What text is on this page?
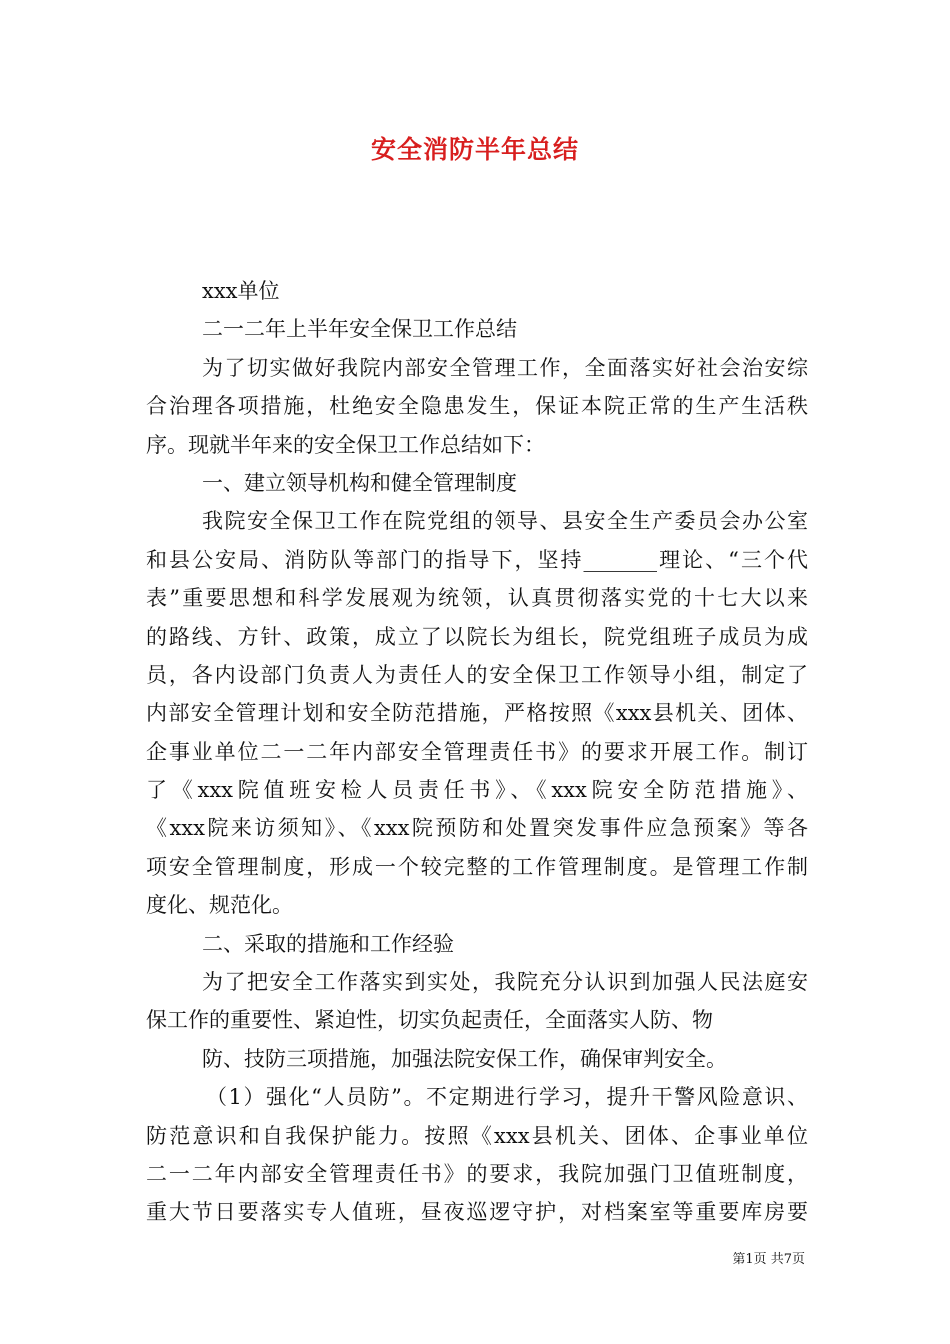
安全消防半年总结
xxx单位
二一二年上半年安全保卫工作总结
为了切实做好我院内部安全管理工作，全面落实好社会治安综
合治理各项措施，杜绝安全隐患发生，保证本院正常的生产生活秩
序。现就半年来的安全保卫工作总结如下：
一、建立领导机构和健全管理制度
我院安全保卫工作在院党组的领导、县安全生产委员会办公室
和县公安局、消防队等部门的指导下，坚持_______理论、“三个代
表”重要思想和科学发展观为统领，认真贯彻落实党的十七大以来
的路线、方针、政策，成立了以院长为组长，院党组班子成员为成
员，各内设部门负责人为责任人的安全保卫工作领导小组，制定了
内部安全管理计划和安全防范措施，严格按照《xxx县机关、团体、
企事业单位二一二年内部安全管理责任书》的要求开展工作。制订
了《xxx院值班安检人员责任书》、《xxx院安全防范措施》、
《xxx院来访须知》、《xxx院预防和处置突发事件应急预案》等各
项安全管理制度，形成一个较完整的工作管理制度。是管理工作制
度化、规范化。
二、采取的措施和工作经验
为了把安全工作落实到实处，我院充分认识到加强人民法庭安
保工作的重要性、紧迫性，切实负起责任，全面落实人防、物
防、技防三项措施，加强法院安保工作，确保审判安全。
（1）强化“人员防”。不定期进行学习，提升干警风险意识、
防范意识和自我保护能力。按照《xxx县机关、团体、企事业单位
二一二年内部安全管理责任书》的要求，我院加强门卫值班制度，
重大节日要落实专人值班，昼夜巡逻守护，对档案室等重要库房要
第1页 共7页
